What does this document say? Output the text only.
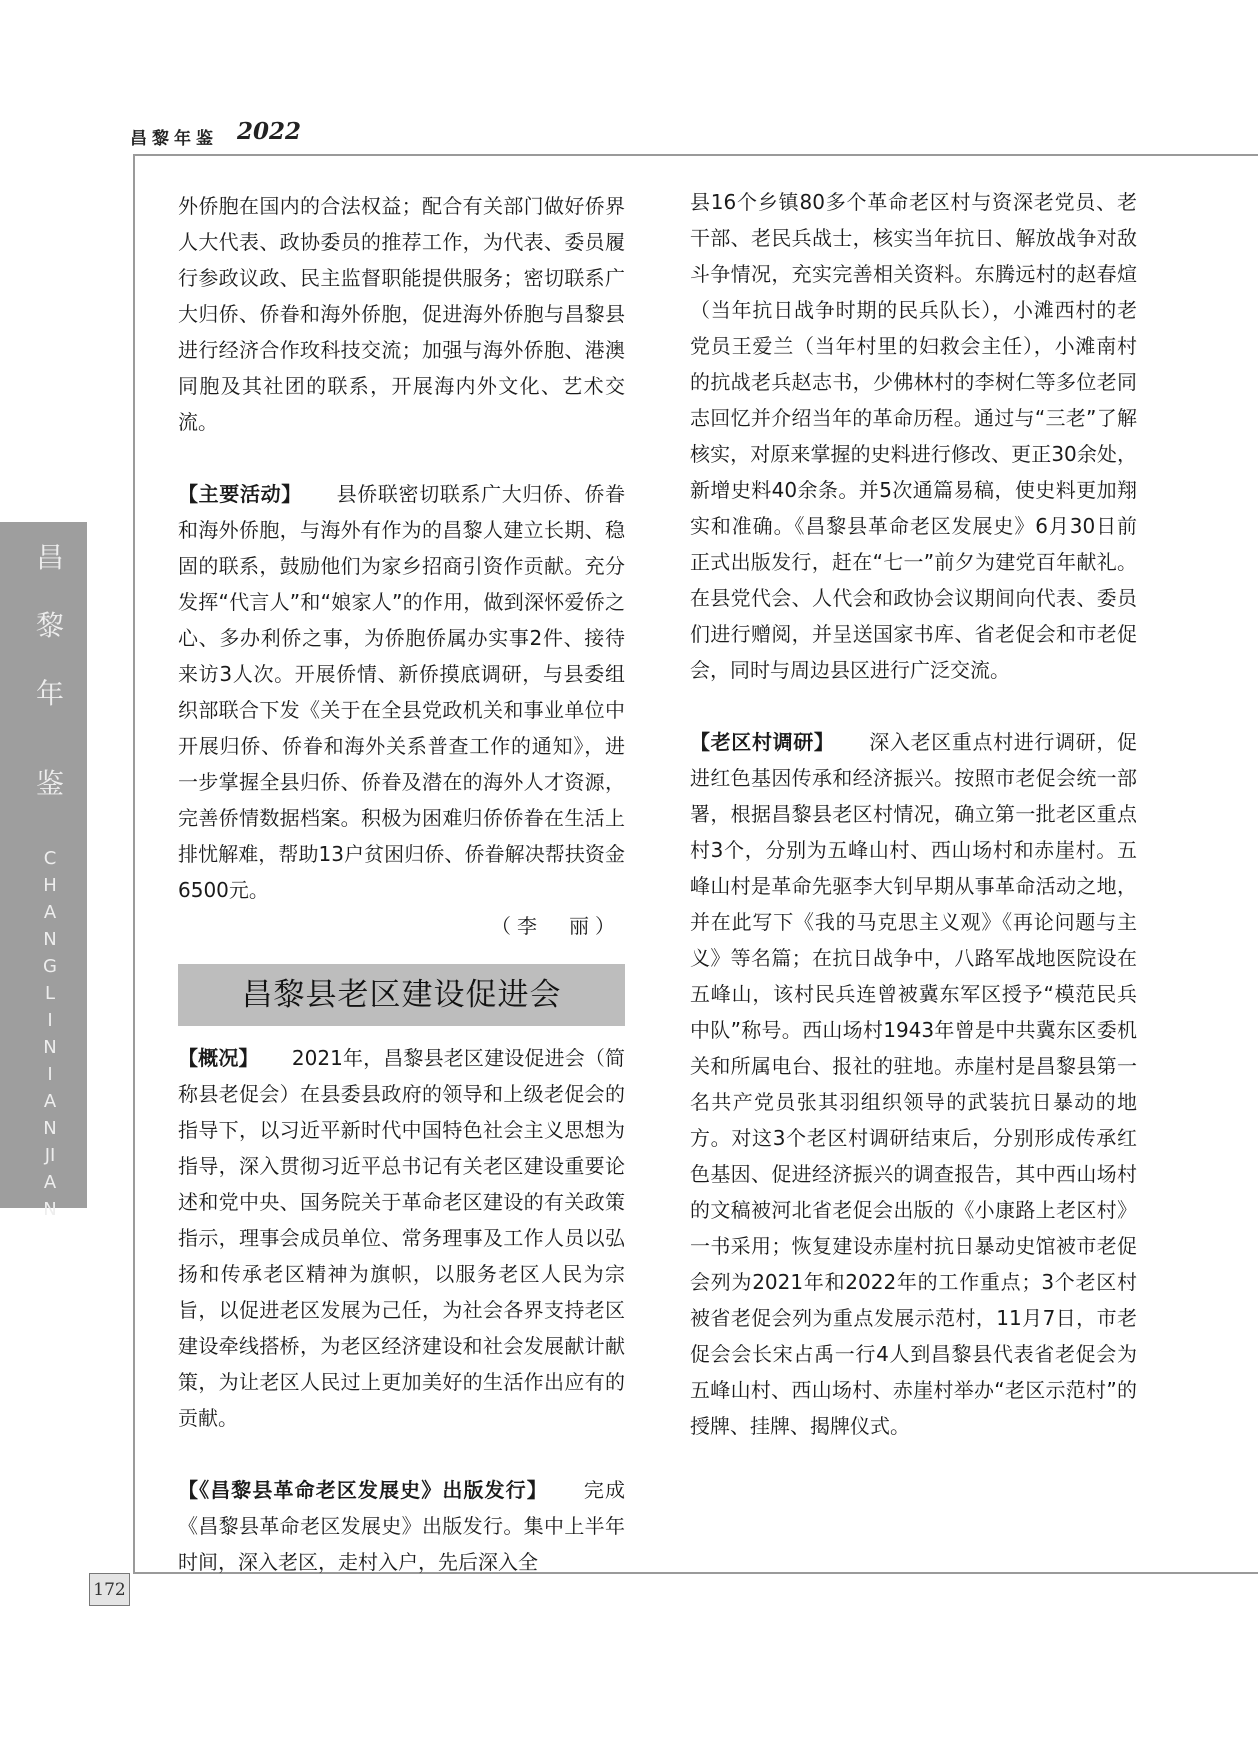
昌黎年鉴 2022
昌
黎
年
鉴
CHANGLINIANJIAN
172

外侨胞在国内的合法权益；配合有关部门做好侨界人大代表、政协委员的推荐工作，为代表、委员履行参政议政、民主监督职能提供服务；密切联系广大归侨、侨眷和海外侨胞，促进海外侨胞与昌黎县进行经济合作玫科技交流；加强与海外侨胞、港澳同胞及其社团的联系，开展海内外文化、艺术交流。

【主要活动】 　 县侨联密切联系广大归侨、侨眷和海外侨胞，与海外有作为的昌黎人建立长期、稳固的联系，鼓励他们为家乡招商引资作贡献。充分发挥“代言人”和“娘家人”的作用，做到深怀爱侨之心、多办利侨之事，为侨胞侨属办实事2件、接待来访3人次。开展侨情、新侨摸底调研，与县委组织部联合下发《关于在全县党政机关和事业单位中开展归侨、侨眷和海外关系普查工作的通知》，进一步掌握全县归侨、侨眷及潜在的海外人才资源，完善侨情数据档案。积极为困难归侨侨眷在生活上排忧解难，帮助13户贫困归侨、侨眷解决帮扶资金6500元。

（李　丽）

昌黎县老区建设促进会

【概况】 　 2021年，昌黎县老区建设促进会（简称县老促会）在县委县政府的领导和上级老促会的指导下，以习近平新时代中国特色社会主义思想为指导，深入贯彻习近平总书记有关老区建设重要论述和党中央、国务院关于革命老区建设的有关政策指示，理事会成员单位、常务理事及工作人员以弘扬和传承老区精神为旗帜，以服务老区人民为宗旨，以促进老区发展为己任，为社会各界支持老区建设牵线搭桥，为老区经济建设和社会发展献计献策，为让老区人民过上更加美好的生活作出应有的贡献。

【《昌黎县革命老区发展史》出版发行】 　 完成《昌黎县革命老区发展史》出版发行。集中上半年时间，深入老区，走村入户，先后深入全

县16个乡镇80多个革命老区村与资深老党员、老干部、老民兵战士，核实当年抗日、解放战争对敌斗争情况，充实完善相关资料。东腾远村的赵春煊（当年抗日战争时期的民兵队长），小滩西村的老党员王爱兰（当年村里的妇救会主任），小滩南村的抗战老兵赵志书，少佛林村的李树仁等多位老同志回忆并介绍当年的革命历程。通过与“三老”了解核实，对原来掌握的史料进行修改、更正30余处，新增史料40余条。并5次通篇易稿，使史料更加翔实和准确。《昌黎县革命老区发展史》6月30日前正式出版发行，赶在“七一”前夕为建党百年献礼。在县党代会、人代会和政协会议期间向代表、委员们进行赠阅，并呈送国家书库、省老促会和市老促会，同时与周边县区进行广泛交流。

【老区村调研】 　 深入老区重点村进行调研，促进红色基因传承和经济振兴。按照市老促会统一部署，根据昌黎县老区村情况，确立第一批老区重点村3个，分别为五峰山村、西山场村和赤崖村。五峰山村是革命先驱李大钊早期从事革命活动之地，并在此写下《我的马克思主义观》《再论问题与主义》等名篇；在抗日战争中，八路军战地医院设在五峰山，该村民兵连曾被冀东军区授予“模范民兵中队”称号。西山场村1943年曾是中共冀东区委机关和所属电台、报社的驻地。赤崖村是昌黎县第一名共产党员张其羽组织领导的武装抗日暴动的地方。对这3个老区村调研结束后，分别形成传承红色基因、促进经济振兴的调查报告，其中西山场村的文稿被河北省老促会出版的《小康路上老区村》一书采用；恢复建设赤崖村抗日暴动史馆被市老促会列为2021年和2022年的工作重点；3个老区村被省老促会列为重点发展示范村，11月7日，市老促会会长宋占禹一行4人到昌黎县代表省老促会为五峰山村、西山场村、赤崖村举办“老区示范村”的授牌、挂牌、揭牌仪式。
